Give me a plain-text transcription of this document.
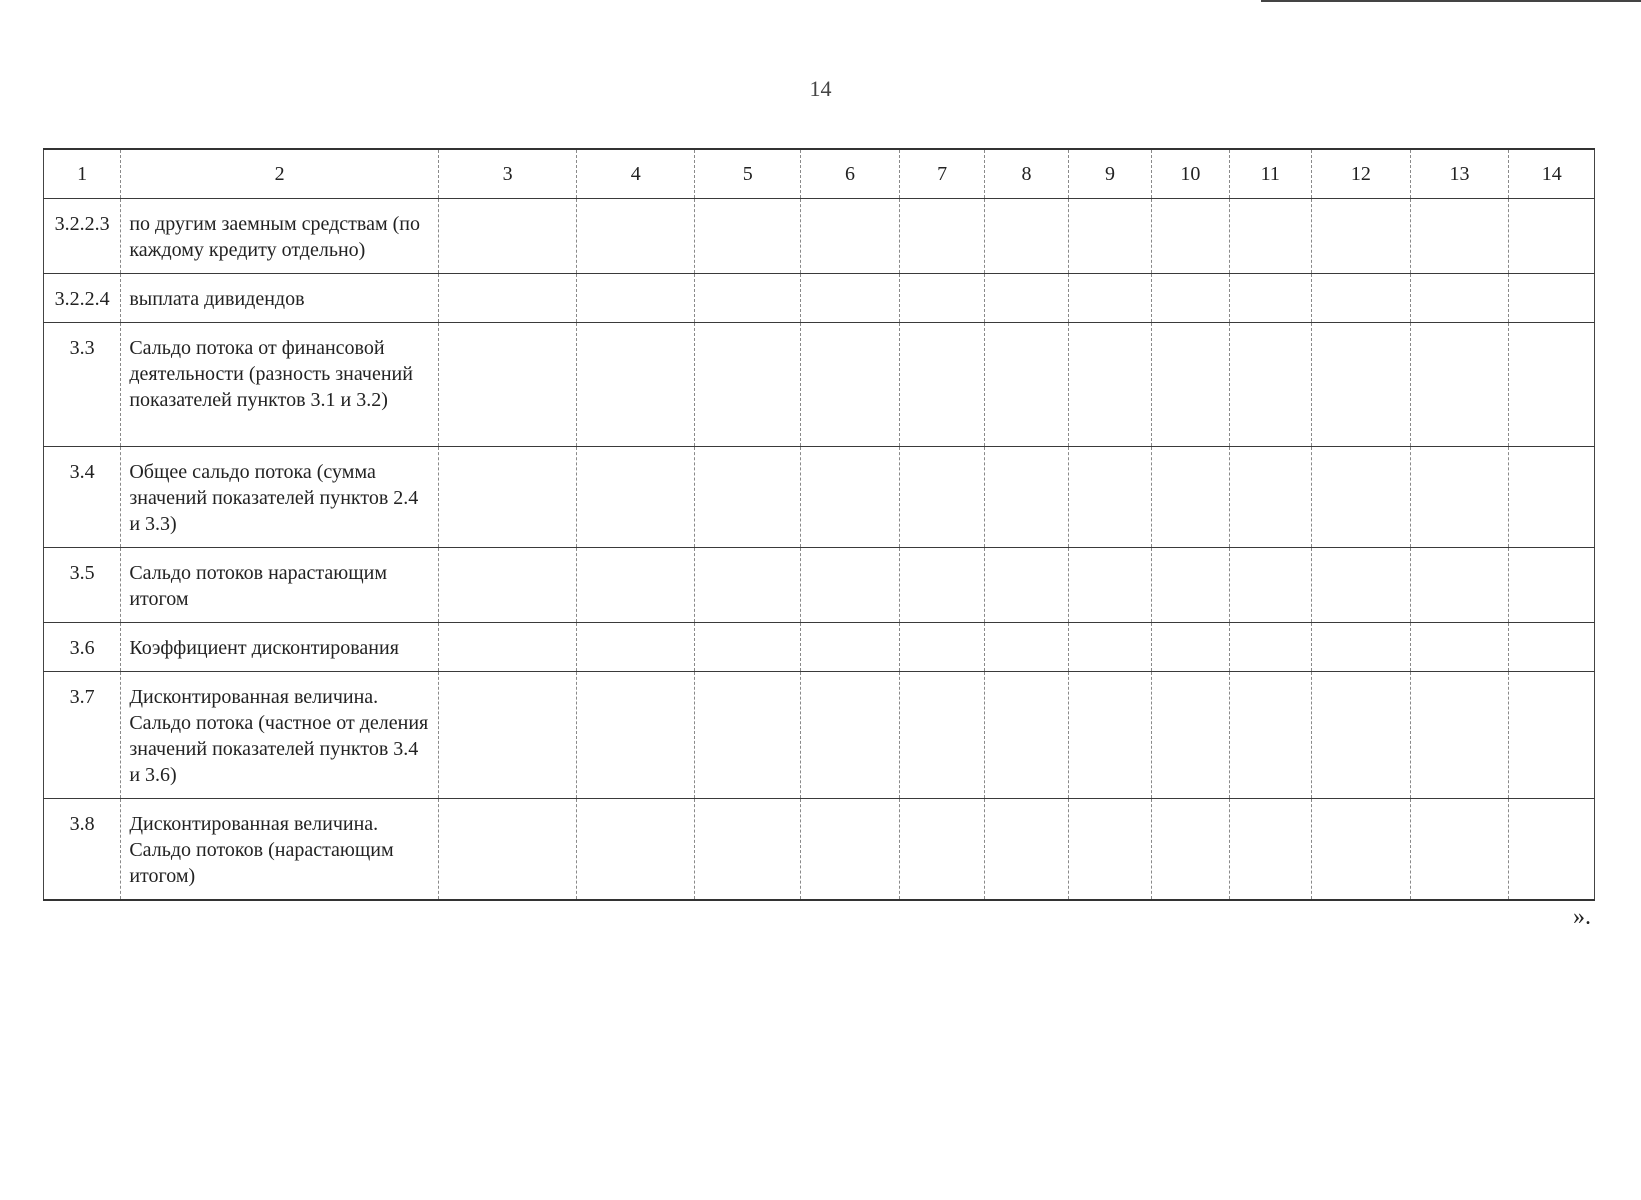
14
1	2	3	4	5	6	7	8	9	10	11	12	13	14
3.2.2.3	по другим заемным средствам (по каждому кредиту отдельно)												
3.2.2.4	выплата дивидендов												
3.3	Сальдо потока от финансовой деятельности (разность значений показателей пунктов 3.1 и 3.2)												
3.4	Общее сальдо потока (сумма значений показателей пунктов 2.4 и 3.3)												
3.5	Сальдо потоков нарастающим итогом												
3.6	Коэффициент дисконтирования												
3.7	Дисконтированная величина. Сальдо потока (частное от деления значений показателей пунктов 3.4 и 3.6)												
3.8	Дисконтированная величина. Сальдо потоков (нарастающим итогом)												
».
